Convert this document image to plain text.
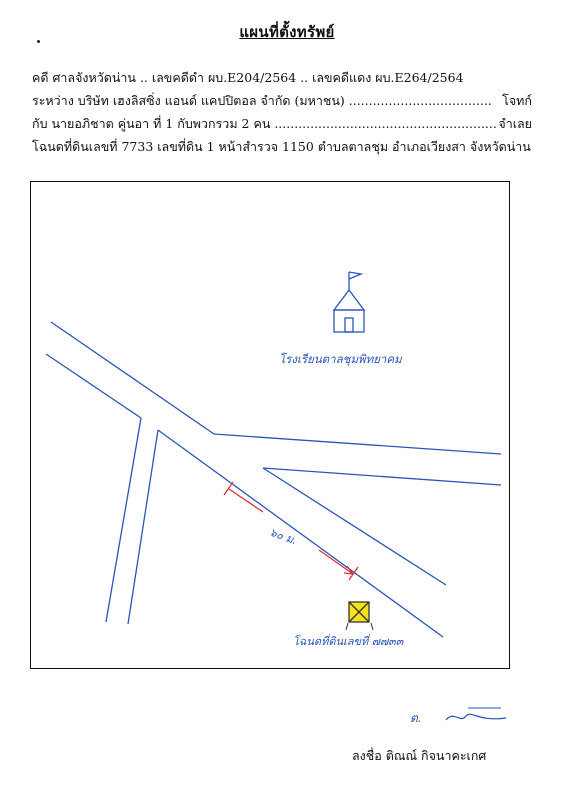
แผนที่ตั้งทรัพย์
คดี ศาลจังหวัดน่าน .. เลขคดีดำ ผบ.E204/2564 .. เลขคดีแดง ผบ.E264/2564
ระหว่าง บริษัท เฮงลิสซิ่ง แอนด์ แคปปิตอล จำกัด (มหาชน) .................................... โจทก์
กับ นายอภิชาต คู่นอา ที่ 1 กับพวกรวม 2 คน ........................................................ จำเลย
โฉนดที่ดินเลขที่ 7733 เลขที่ดิน 1 หน้าสำรวจ 1150 ตำบลตาลชุม อำเภอเวียงสา จังหวัดน่าน
โรงเรียนตาลชุมพิทยาคม
๖๐ ม.
โฉนดที่ดินเลขที่ ๗๗๓๓
ต.
ลงชื่อ ติณณ์ กิจนาคะเกศ
